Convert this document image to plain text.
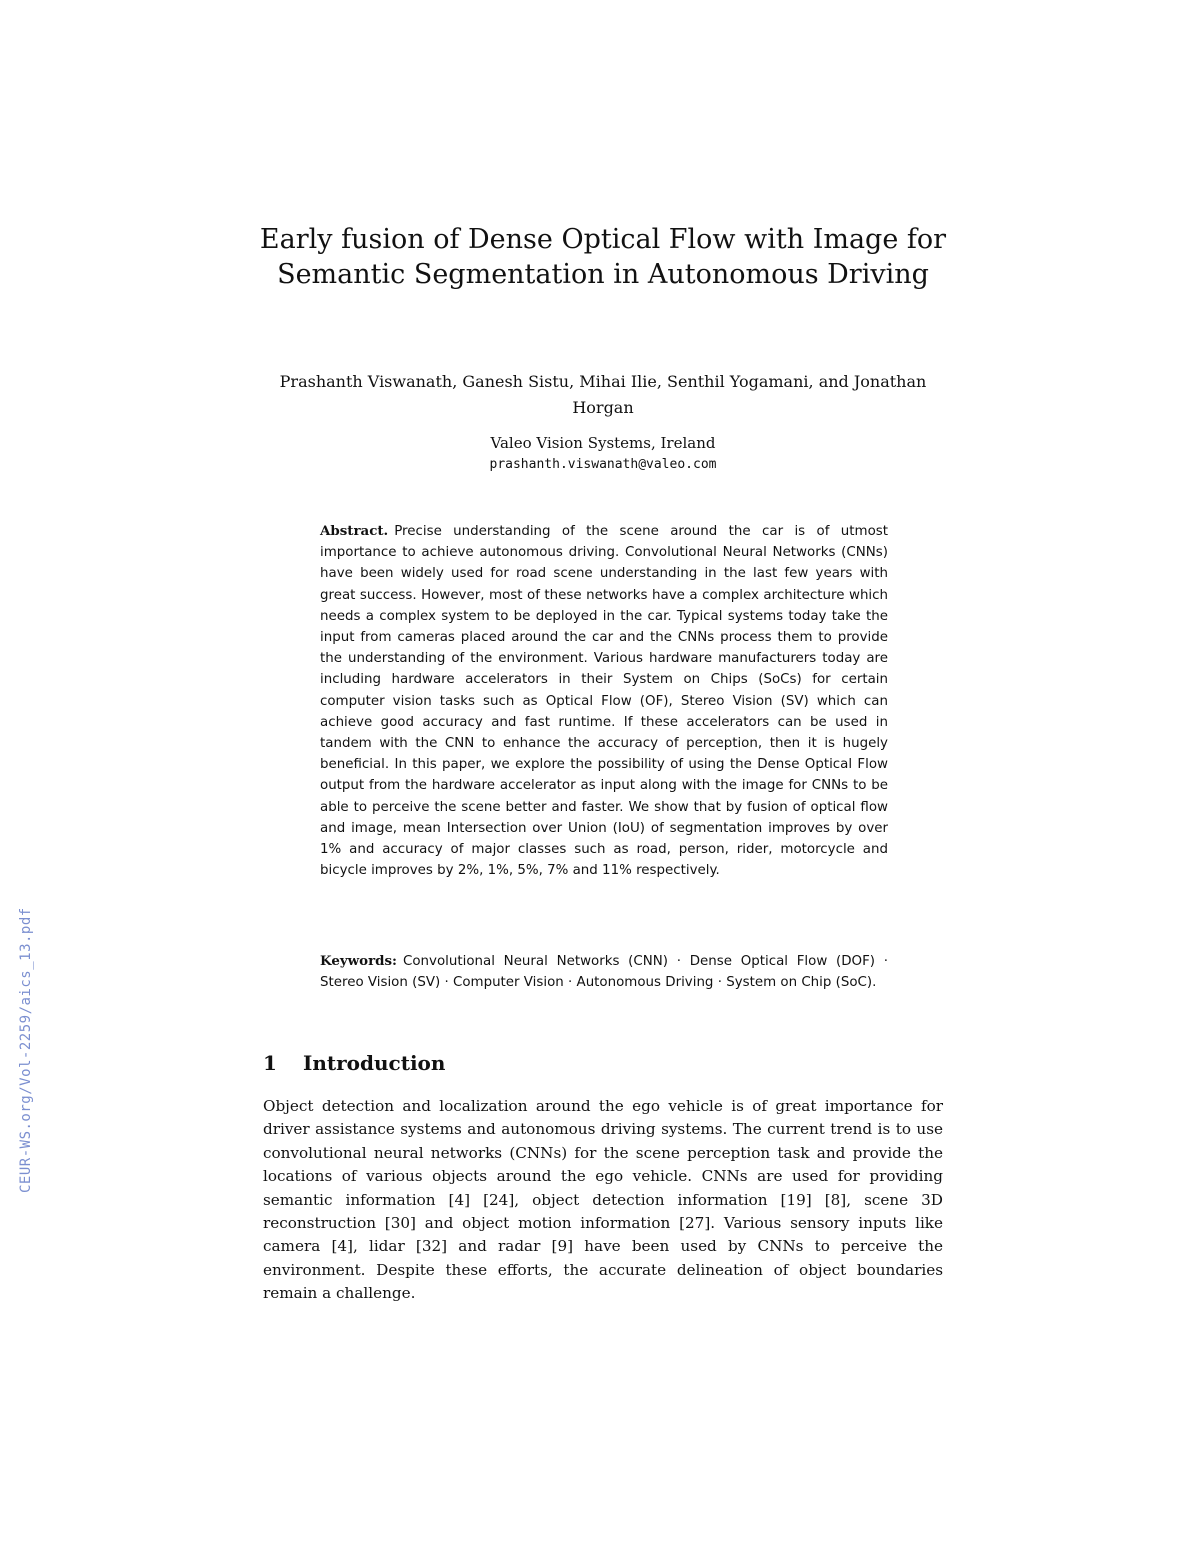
CEUR-WS.org/Vol-2259/aics_13.pdf
Early fusion of Dense Optical Flow with Image for Semantic Segmentation in Autonomous Driving
Prashanth Viswanath, Ganesh Sistu, Mihai Ilie, Senthil Yogamani, and Jonathan Horgan
Valeo Vision Systems, Ireland
prashanth.viswanath@valeo.com

Abstract. Precise understanding of the scene around the car is of utmost importance to achieve autonomous driving. Convolutional Neural Networks (CNNs) have been widely used for road scene understanding in the last few years with great success. However, most of these networks have a complex architecture which needs a complex system to be deployed in the car. Typical systems today take the input from cameras placed around the car and the CNNs process them to provide the understanding of the environment. Various hardware manufacturers today are including hardware accelerators in their System on Chips (SoCs) for certain computer vision tasks such as Optical Flow (OF), Stereo Vision (SV) which can achieve good accuracy and fast runtime. If these accelerators can be used in tandem with the CNN to enhance the accuracy of perception, then it is hugely beneficial. In this paper, we explore the possibility of using the Dense Optical Flow output from the hardware accelerator as input along with the image for CNNs to be able to perceive the scene better and faster. We show that by fusion of optical flow and image, mean Intersection over Union (IoU) of segmentation improves by over 1% and accuracy of major classes such as road, person, rider, motorcycle and bicycle improves by 2%, 1%, 5%, 7% and 11% respectively.

Keywords: Convolutional Neural Networks (CNN) · Dense Optical Flow (DOF) · Stereo Vision (SV) · Computer Vision · Autonomous Driving · System on Chip (SoC).

1 Introduction

Object detection and localization around the ego vehicle is of great importance for driver assistance systems and autonomous driving systems. The current trend is to use convolutional neural networks (CNNs) for the scene perception task and provide the locations of various objects around the ego vehicle. CNNs are used for providing semantic information [4] [24], object detection information [19] [8], scene 3D reconstruction [30] and object motion information [27]. Various sensory inputs like camera [4], lidar [32] and radar [9] have been used by CNNs to perceive the environment. Despite these efforts, the accurate delineation of object boundaries remain a challenge.
